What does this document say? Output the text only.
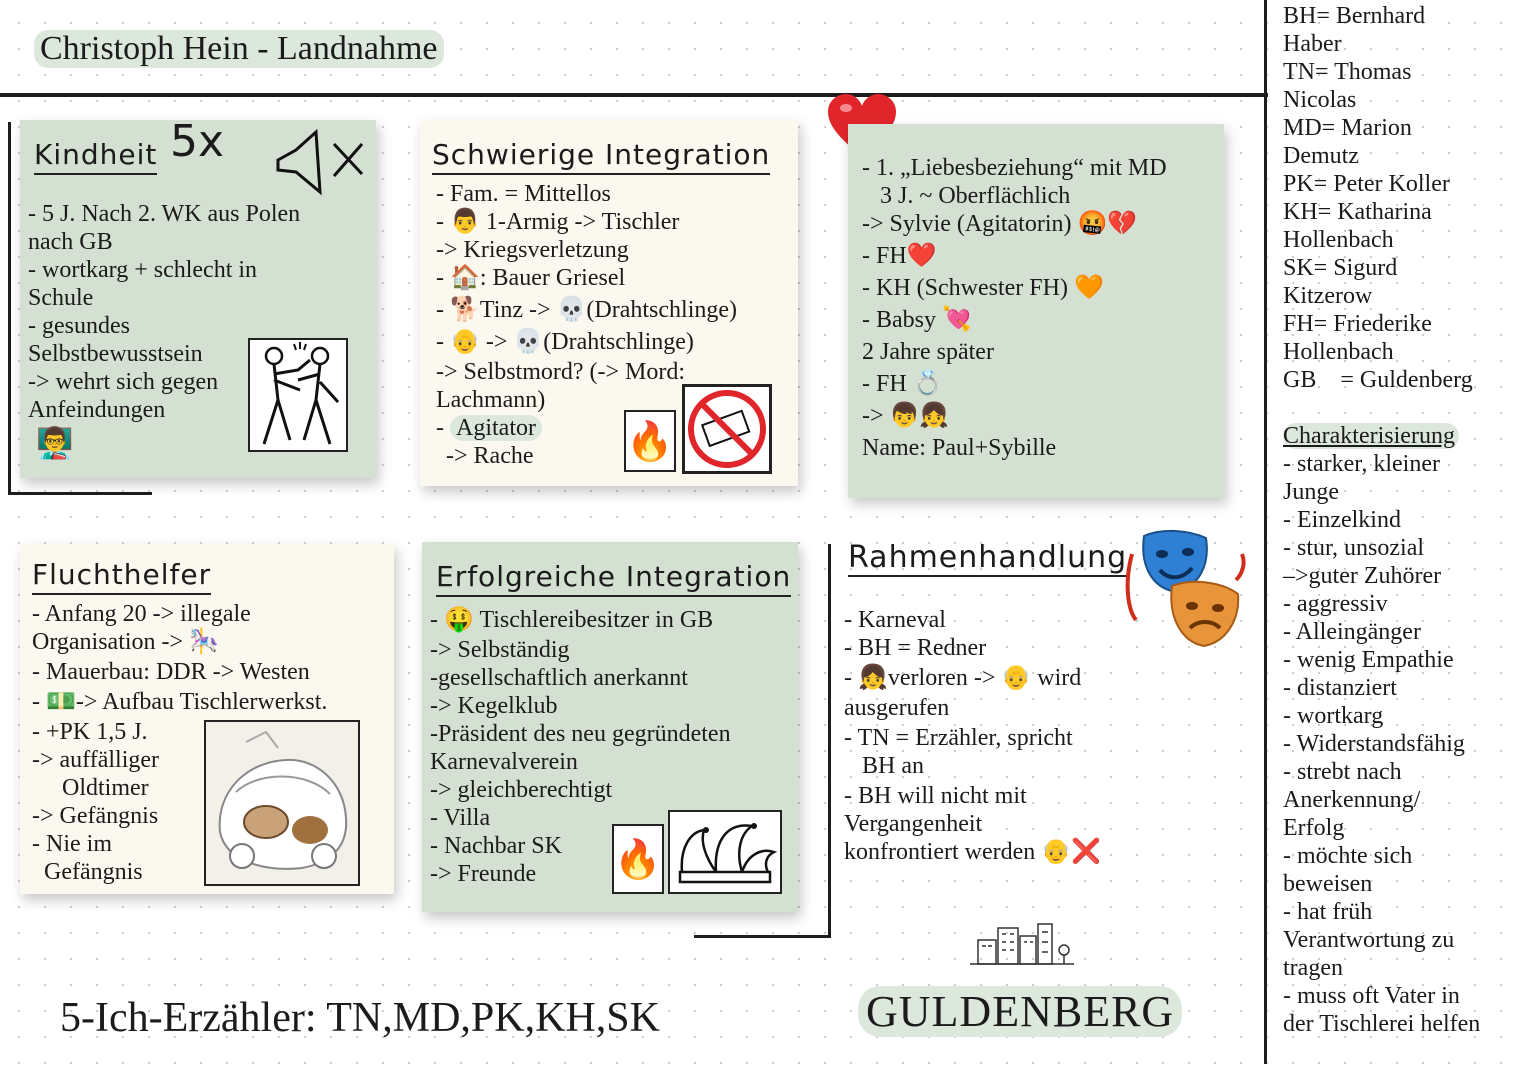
Christoph Hein - Landnahme
Kindheit 5x
- 5 J. Nach 2. WK aus Polen
nach GB
- wortkarg + schlecht in
Schule
- gesundes
Selbstbewusstsein
-> wehrt sich gegen
Anfeindungen
👨‍🏫
Schwierige Integration
- Fam. = Mittellos
- 👨 1-Armig -> Tischler
-> Kriegsverletzung
- 🏠: Bauer Griesel
- 🐕Tinz -> 💀(Drahtschlinge)
- 👴 -> 💀(Drahtschlinge)
-> Selbstmord? (-> Mord:
Lachmann)
- Agitator
-> Rache	🔥
- 1. „Liebesbeziehung“ mit MD
3 J. ~ Oberflächlich
-> Sylvie (Agitatorin) 🤬💔
- FH❤️
- KH (Schwester FH) 🧡
- Babsy 💘
2 Jahre später
- FH 💍
-> 👦👧
Name: Paul+Sybille
Fluchthelfer
- Anfang 20 -> illegale
Organisation -> 🎠
- Mauerbau: DDR -> Westen
- 💵-> Aufbau Tischlerwerkst.
- +PK 1,5 J.
-> auffälliger
Oldtimer
-> Gefängnis
- Nie im
Gefängnis
Erfolgreiche Integration
- 🤑 Tischlereibesitzer in GB
-> Selbständig
-gesellschaftlich anerkannt
-> Kegelklub
-Präsident des neu gegründeten
Karnevalverein
-> gleichberechtigt
- Villa
- Nachbar SK
-> Freunde	🔥
Rahmenhandlung
- Karneval
- BH = Redner
- 👧verloren -> 👴 wird
ausgerufen
- TN = Erzähler, spricht
BH an
- BH will nicht mit
Vergangenheit
konfrontiert werden 👴❌
5-Ich-Erzähler: TN,MD,PK,KH,SK	GULDENBERG
BH= Bernhard
Haber
TN= Thomas
Nicolas
MD= Marion
Demutz
PK= Peter Koller
KH= Katharina
Hollenbach
SK= Sigurd
Kitzerow
FH= Friederike
Hollenbach
GB    = Guldenberg
Charakterisierung
- starker, kleiner
Junge
- Einzelkind
- stur, unsozial
–>guter Zuhörer
- aggressiv
- Alleingänger
- wenig Empathie
- distanziert
- wortkarg
- Widerstandsfähig
- strebt nach
Anerkennung/
Erfolg
- möchte sich
beweisen
- hat früh
Verantwortung zu
tragen
- muss oft Vater in
der Tischlerei helfen
